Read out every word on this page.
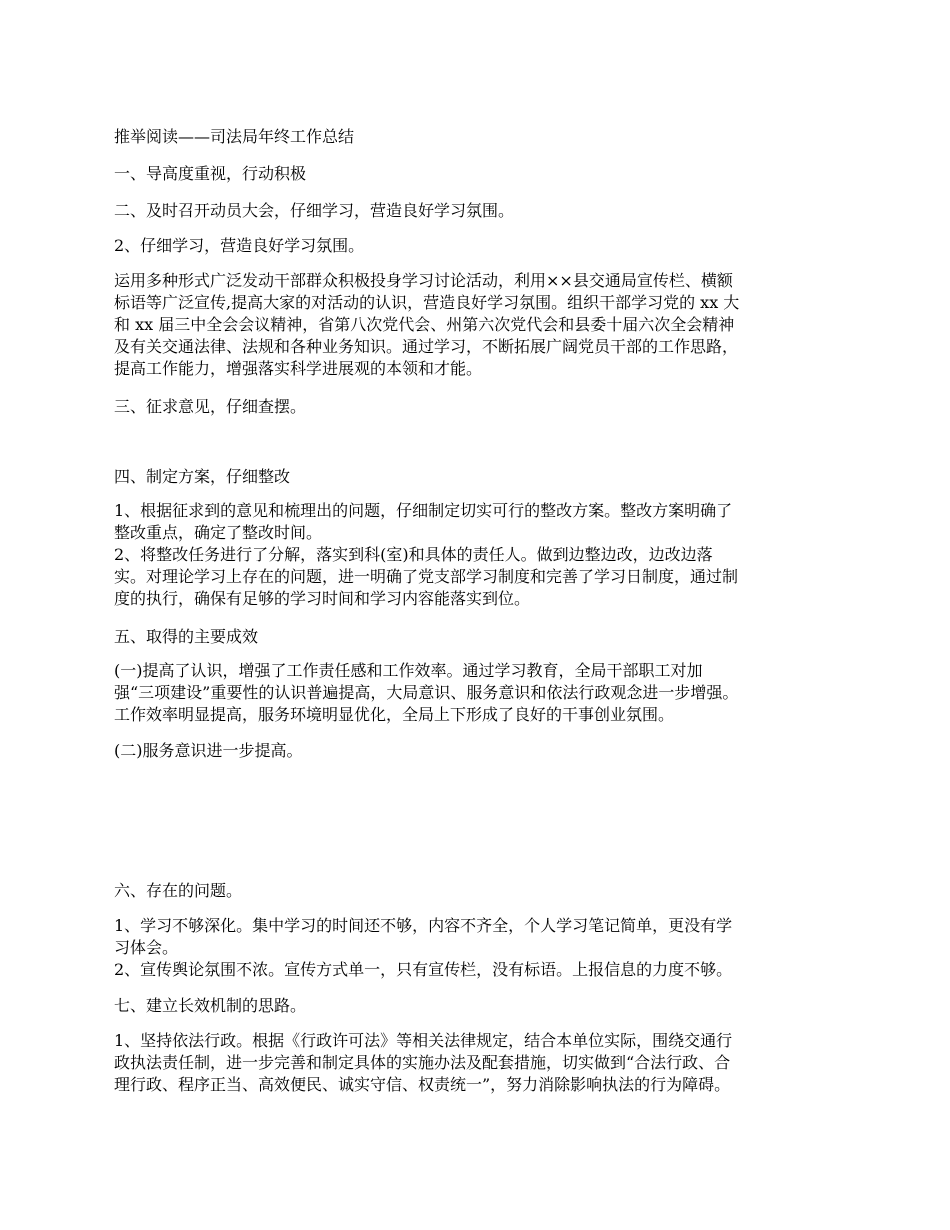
推举阅读——司法局年终工作总结
一、导高度重视，行动积极
二、及时召开动员大会，仔细学习，营造良好学习氛围。
2、仔细学习，营造良好学习氛围。
运用多种形式广泛发动干部群众积极投身学习讨论活动，利用××县交通局宣传栏、横额
标语等广泛宣传,提高大家的对活动的认识，营造良好学习氛围。组织干部学习党的 xx 大
和 xx 届三中全会会议精神，省第八次党代会、州第六次党代会和县委十届六次全会精神
及有关交通法律、法规和各种业务知识。通过学习，不断拓展广阔党员干部的工作思路，
提高工作能力，增强落实科学进展观的本领和才能。
三、征求意见，仔细查摆。
四、制定方案，仔细整改
1、根据征求到的意见和梳理出的问题，仔细制定切实可行的整改方案。整改方案明确了
整改重点，确定了整改时间。
2、将整改任务进行了分解，落实到科(室)和具体的责任人。做到边整边改，边改边落
实。对理论学习上存在的问题，进一明确了党支部学习制度和完善了学习日制度，通过制
度的执行，确保有足够的学习时间和学习内容能落实到位。
五、取得的主要成效
(一)提高了认识，增强了工作责任感和工作效率。通过学习教育，全局干部职工对加
强“三项建设”重要性的认识普遍提高，大局意识、服务意识和依法行政观念进一步增强。
工作效率明显提高，服务环境明显优化，全局上下形成了良好的干事创业氛围。
(二)服务意识进一步提高。
六、存在的问题。
1、学习不够深化。集中学习的时间还不够，内容不齐全，个人学习笔记简单，更没有学
习体会。
2、宣传舆论氛围不浓。宣传方式单一，只有宣传栏，没有标语。上报信息的力度不够。
七、建立长效机制的思路。
1、坚持依法行政。根据《行政许可法》等相关法律规定，结合本单位实际，围绕交通行
政执法责任制，进一步完善和制定具体的实施办法及配套措施，切实做到“合法行政、合
理行政、程序正当、高效便民、诚实守信、权责统一”，努力消除影响执法的行为障碍。
